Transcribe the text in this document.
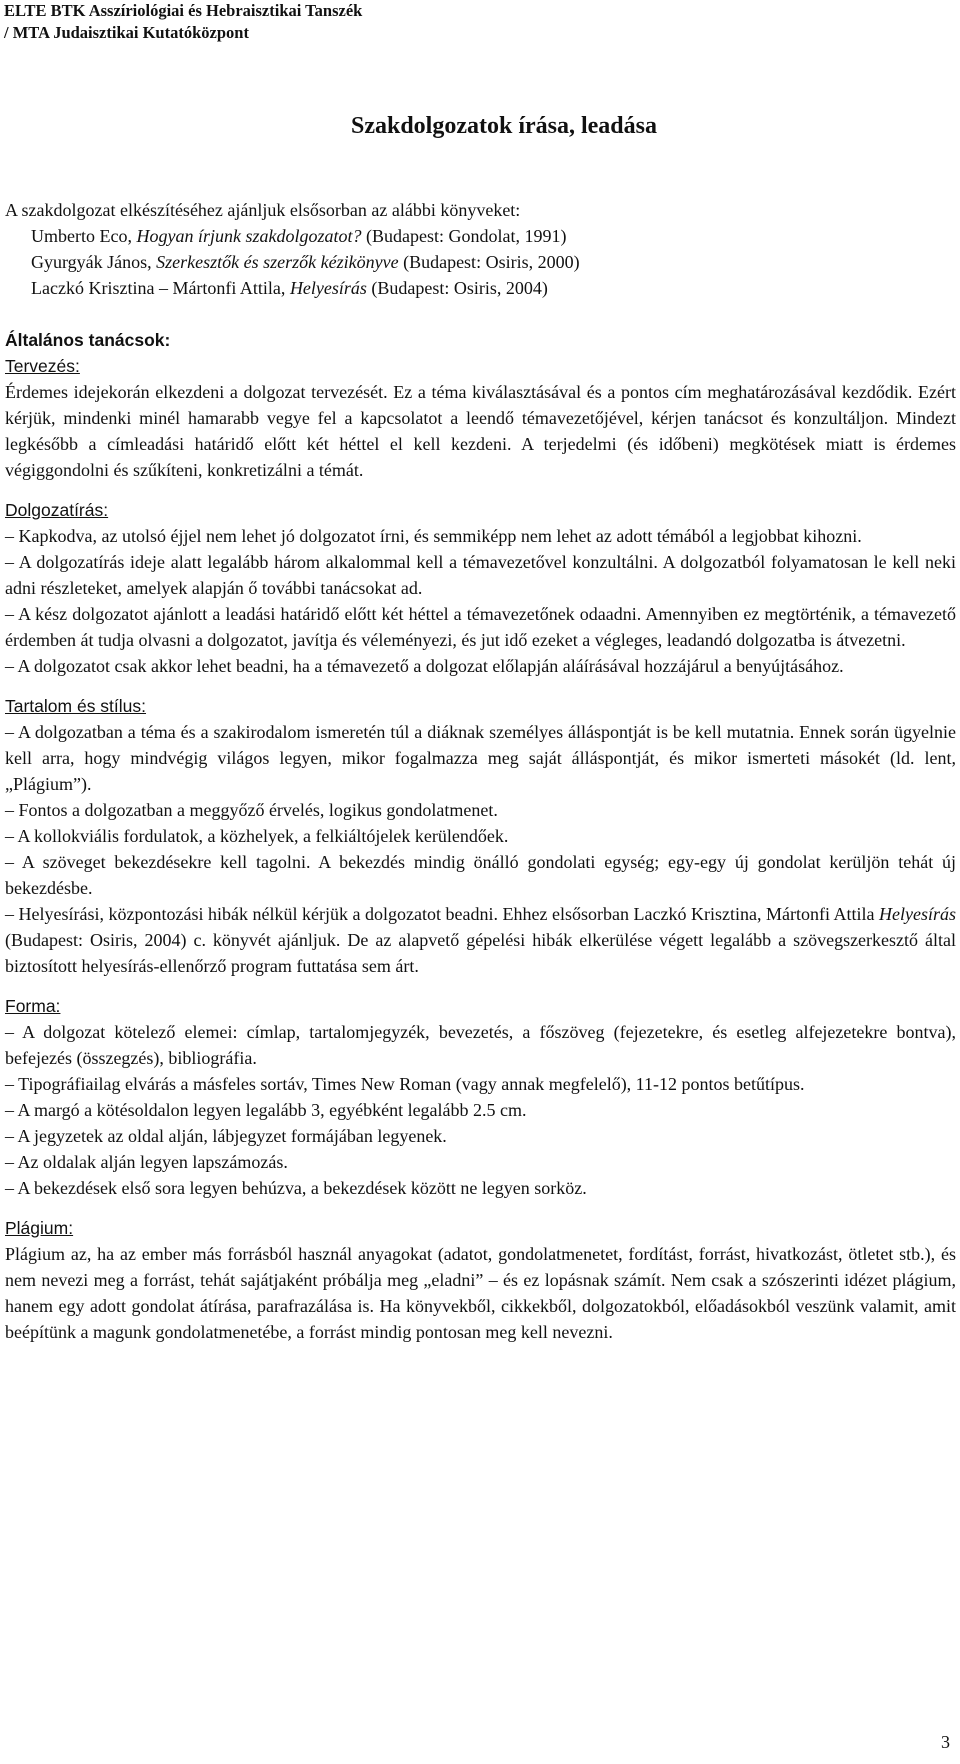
ELTE BTK Asszíriológiai és Hebraisztikai Tanszék
/ MTA Judaisztikai Kutatóközpont
Szakdolgozatok írása, leadása

A szakdolgozat elkészítéséhez ajánljuk elsősorban az alábbi könyveket:

Umberto Eco, Hogyan írjunk szakdolgozatot? (Budapest: Gondolat, 1991)

Gyurgyák János, Szerkesztők és szerzők kézikönyve (Budapest: Osiris, 2000)

Laczkó Krisztina – Mártonfi Attila, Helyesírás (Budapest: Osiris, 2004)

Általános tanácsok:

Tervezés:

Érdemes idejekorán elkezdeni a dolgozat tervezését. Ez a téma kiválasztásával és a pontos cím meghatározásával kezdődik. Ezért kérjük, mindenki minél hamarabb vegye fel a kapcsolatot a leendő témavezetőjével, kérjen tanácsot és konzultáljon. Mindezt legkésőbb a címleadási határidő előtt két héttel el kell kezdeni. A terjedelmi (és időbeni) megkötések miatt is érdemes végiggondolni és szűkíteni, konkretizálni a témát.

Dolgozatírás:

– Kapkodva, az utolsó éjjel nem lehet jó dolgozatot írni, és semmiképp nem lehet az adott témából a legjobbat kihozni.

– A dolgozatírás ideje alatt legalább három alkalommal kell a témavezetővel konzultálni. A dolgozatból folyamatosan le kell neki adni részleteket, amelyek alapján ő további tanácsokat ad.

– A kész dolgozatot ajánlott a leadási határidő előtt két héttel a témavezetőnek odaadni. Amennyiben ez megtörténik, a témavezető érdemben át tudja olvasni a dolgozatot, javítja és véleményezi, és jut idő ezeket a végleges, leadandó dolgozatba is átvezetni.

– A dolgozatot csak akkor lehet beadni, ha a témavezető a dolgozat előlapján aláírásával hozzájárul a benyújtásához.

Tartalom és stílus:

– A dolgozatban a téma és a szakirodalom ismeretén túl a diáknak személyes álláspontját is be kell mutatnia. Ennek során ügyelnie kell arra, hogy mindvégig világos legyen, mikor fogalmazza meg saját álláspontját, és mikor ismerteti másokét (ld. lent, „Plágium”).

– Fontos a dolgozatban a meggyőző érvelés, logikus gondolatmenet.

– A kollokviális fordulatok, a közhelyek, a felkiáltójelek kerülendőek.

– A szöveget bekezdésekre kell tagolni. A bekezdés mindig önálló gondolati egység; egy-egy új gondolat kerüljön tehát új bekezdésbe.

– Helyesírási, központozási hibák nélkül kérjük a dolgozatot beadni. Ehhez elsősorban Laczkó Krisztina, Mártonfi Attila Helyesírás (Budapest: Osiris, 2004) c. könyvét ajánljuk. De az alapvető gépelési hibák elkerülése végett legalább a szövegszerkesztő által biztosított helyesírás-ellenőrző program futtatása sem árt.

Forma:

– A dolgozat kötelező elemei: címlap, tartalomjegyzék, bevezetés, a főszöveg (fejezetekre, és esetleg alfejezetekre bontva), befejezés (összegzés), bibliográfia.

– Tipográfiailag elvárás a másfeles sortáv, Times New Roman (vagy annak megfelelő), 11-12 pontos betűtípus.

– A margó a kötésoldalon legyen legalább 3, egyébként legalább 2.5 cm.

– A jegyzetek az oldal alján, lábjegyzet formájában legyenek.

– Az oldalak alján legyen lapszámozás.

– A bekezdések első sora legyen behúzva, a bekezdések között ne legyen sorköz.

Plágium:

Plágium az, ha az ember más forrásból használ anyagokat (adatot, gondolatmenetet, fordítást, forrást, hivatkozást, ötletet stb.), és nem nevezi meg a forrást, tehát sajátjaként próbálja meg „eladni” – és ez lopásnak számít. Nem csak a szószerinti idézet plágium, hanem egy adott gondolat átírása, parafrazálása is. Ha könyvekből, cikkekből, dolgozatokból, előadásokból veszünk valamit, amit beépítünk a magunk gondolatmenetébe, a forrást mindig pontosan meg kell nevezni.

3
